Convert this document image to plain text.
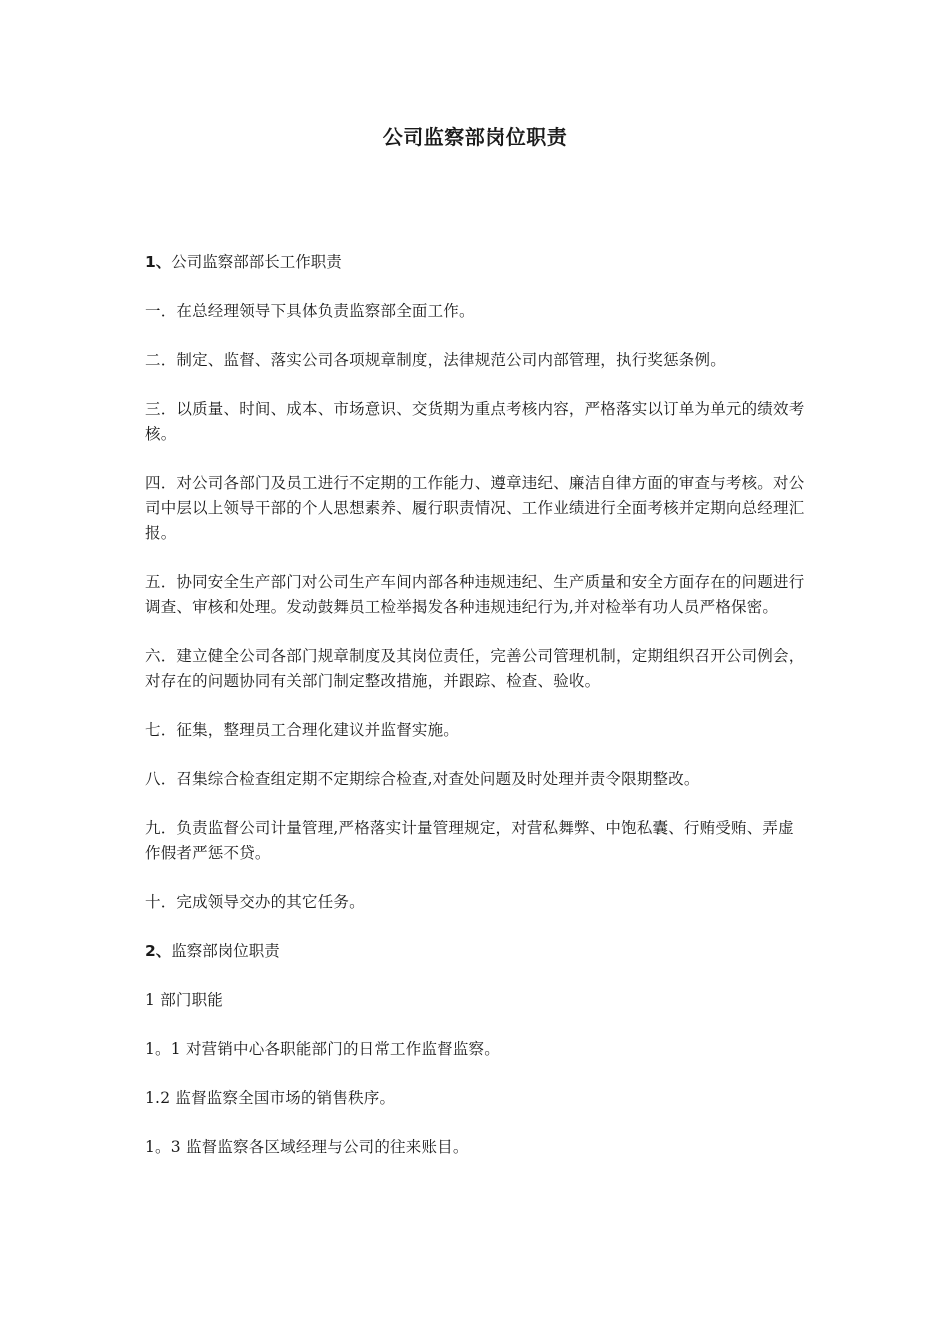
公司监察部岗位职责
1、公司监察部部长工作职责

一．在总经理领导下具体负责监察部全面工作。

二．制定、监督、落实公司各项规章制度，法律规范公司内部管理，执行奖惩条例。

三．以质量、时间、成本、市场意识、交货期为重点考核内容，严格落实以订单为单元的绩效考核。

四．对公司各部门及员工进行不定期的工作能力、遵章违纪、廉洁自律方面的审查与考核。对公司中层以上领导干部的个人思想素养、履行职责情况、工作业绩进行全面考核并定期向总经理汇报。

五．协同安全生产部门对公司生产车间内部各种违规违纪、生产质量和安全方面存在的问题进行调查、审核和处理。发动鼓舞员工检举揭发各种违规违纪行为,并对检举有功人员严格保密。

六．建立健全公司各部门规章制度及其岗位责任，完善公司管理机制，定期组织召开公司例会，对存在的问题协同有关部门制定整改措施，并跟踪、检查、验收。

七．征集，整理员工合理化建议并监督实施。

八．召集综合检查组定期不定期综合检查,对查处问题及时处理并责令限期整改。

九．负责监督公司计量管理,严格落实计量管理规定，对营私舞弊、中饱私囊、行贿受贿、弄虚作假者严惩不贷。

十．完成领导交办的其它任务。

2、监察部岗位职责

1 部门职能

1。1 对营销中心各职能部门的日常工作监督监察。

1.2 监督监察全国市场的销售秩序。

1。3 监督监察各区域经理与公司的往来账目。
